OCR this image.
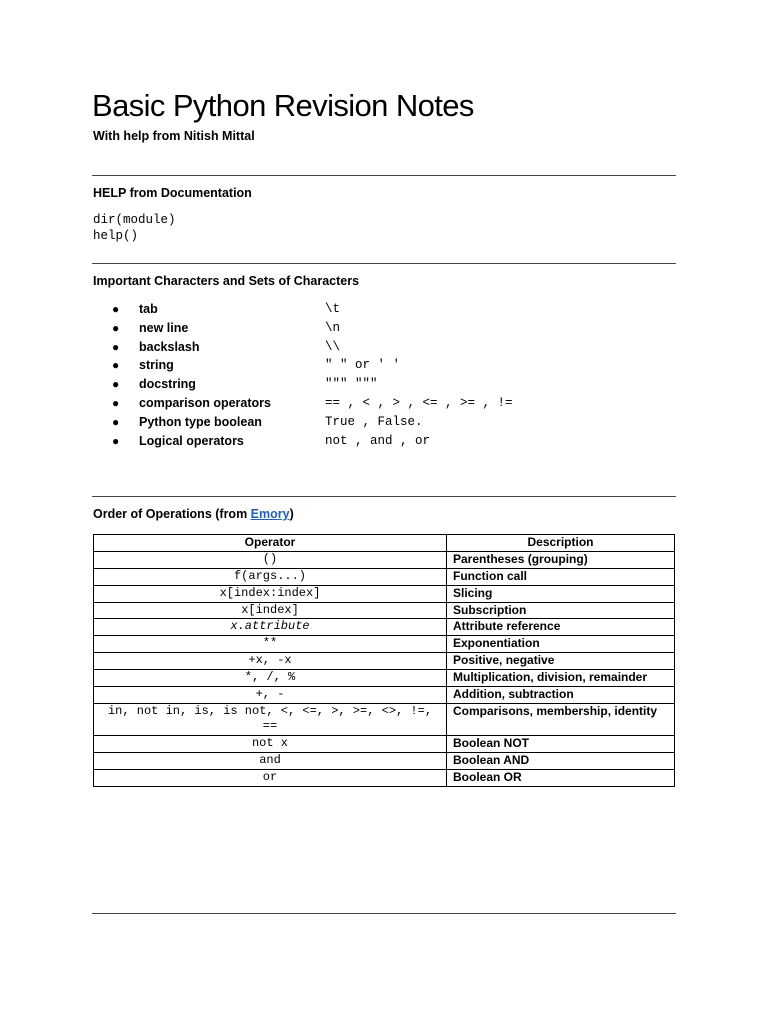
Basic Python Revision Notes
With help from Nitish Mittal
HELP from Documentation
dir(module)
help()
Important Characters and Sets of Characters
● tab	\t
● new line	\n
● backslash	\\
● string	" " or ' '
● docstring	""" """
● comparison operators	== , < , > , <= , >= , !=
● Python type boolean	True , False.
● Logical operators	not , and , or
Order of Operations (from Emory)
Operator	Description
()	Parentheses (grouping)
f(args...)	Function call
x[index:index]	Slicing
x[index]	Subscription
x.attribute	Attribute reference
**	Exponentiation
+x, -x	Positive, negative
*, /, %	Multiplication, division, remainder
+, -	Addition, subtraction
in, not in, is, is not, <, <=, >, >=, <>, !=, ==	Comparisons, membership, identity
not x	Boolean NOT
and	Boolean AND
or	Boolean OR
